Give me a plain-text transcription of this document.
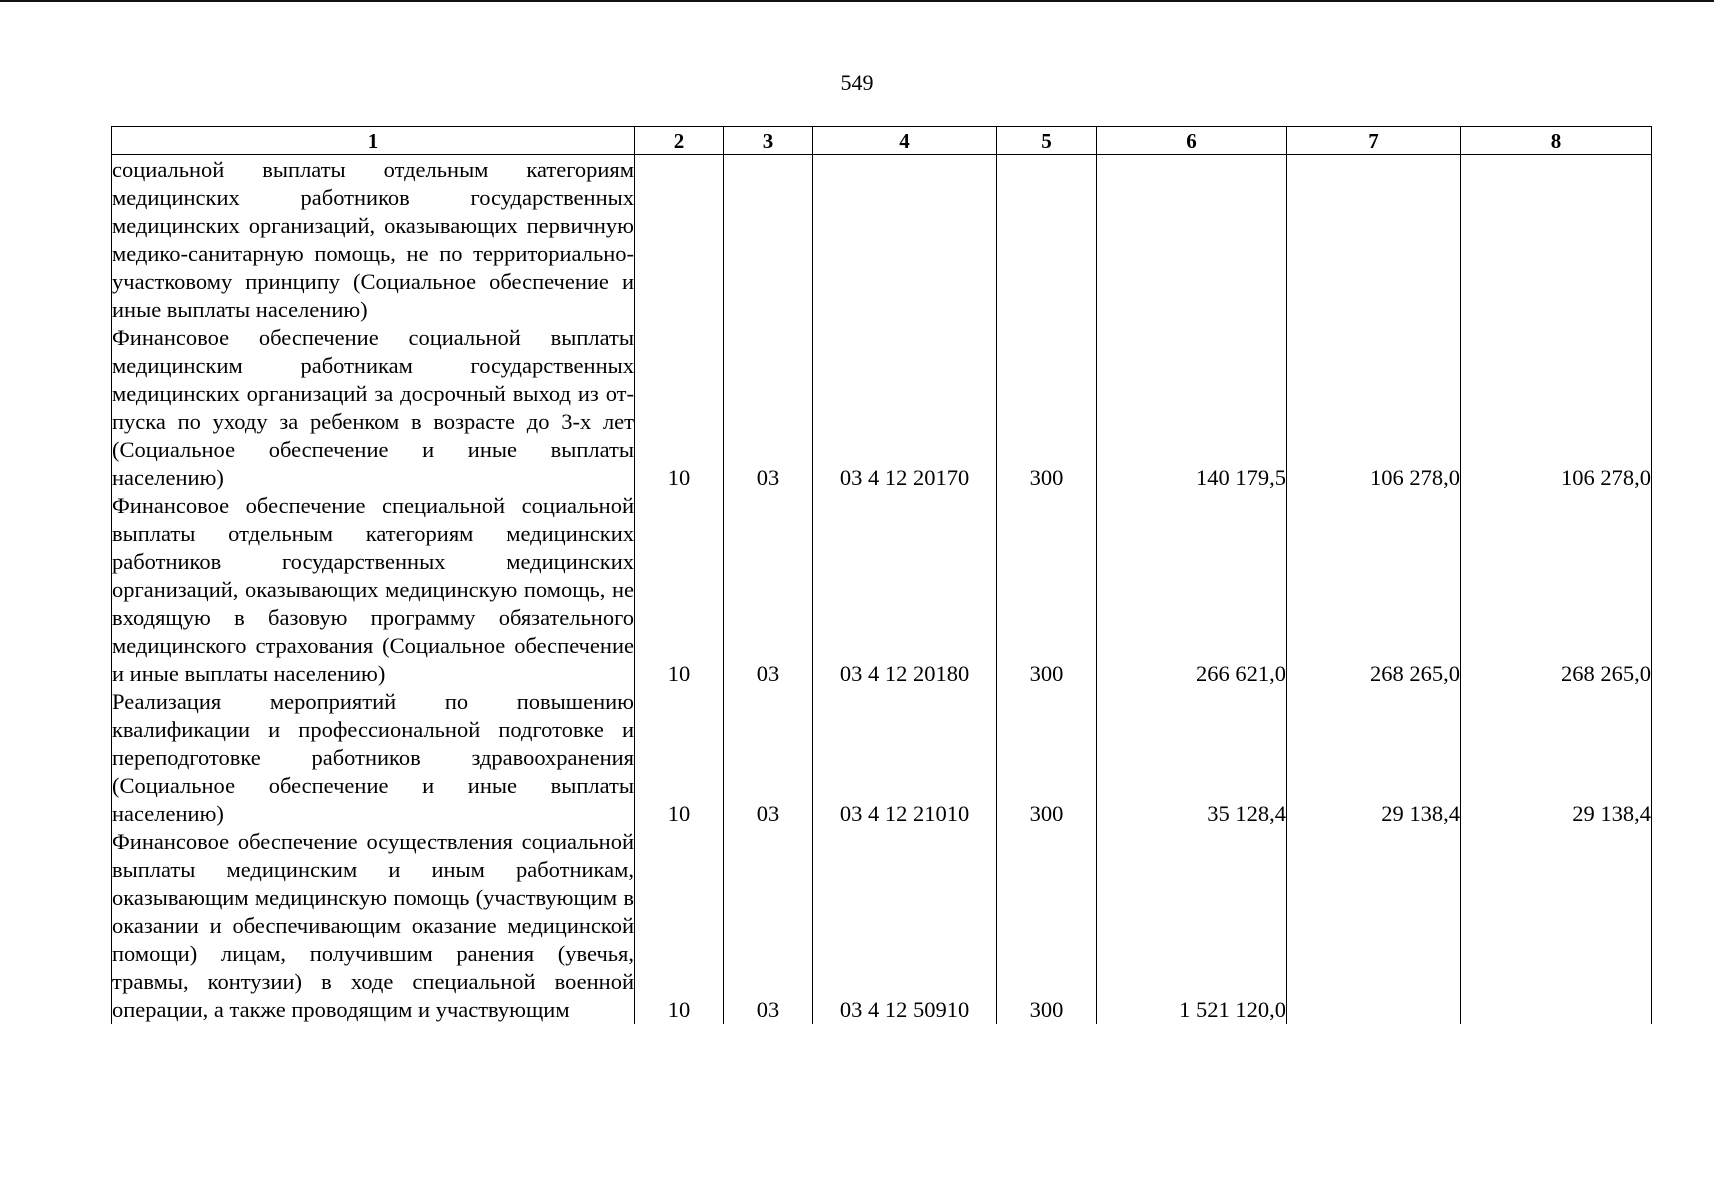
549
1	2	3	4	5	6	7	8
социальной выплаты отдельным категориям медицинских работников государственных медицинских организаций, оказывающих первичную медико-санитарную помощь, не по территориально-участковому принципу (Социальное обеспечение и иные выплаты населению)							
Финансовое обеспечение социальной выплаты медицинским работникам государственных медицинских организаций за досрочный выход из от-пуска по уходу за ребенком в возрасте до 3-х лет (Социальное обеспечение и иные выплаты населению)	10	03	03 4 12 20170	300	140 179,5	106 278,0	106 278,0
Финансовое обеспечение специальной социальной выплаты отдельным категориям медицинских работников государственных медицинских организаций, оказывающих медицинскую помощь, не входящую в базовую программу обязательного медицинского страхования (Социальное обеспечение и иные выплаты населению)	10	03	03 4 12 20180	300	266 621,0	268 265,0	268 265,0
Реализация мероприятий по повышению квалификации и профессиональной подготовке и переподготовке работников здравоохранения (Социальное обеспечение и иные выплаты населению)	10	03	03 4 12 21010	300	35 128,4	29 138,4	29 138,4
Финансовое обеспечение осуществления социальной выплаты медицинским и иным работникам, оказывающим медицинскую помощь (участвующим в оказании и обеспечивающим оказание медицинской помощи) лицам, получившим ранения (увечья, травмы, контузии) в ходе специальной военной операции, а также проводящим и участвующим	10	03	03 4 12 50910	300	1 521 120,0		
